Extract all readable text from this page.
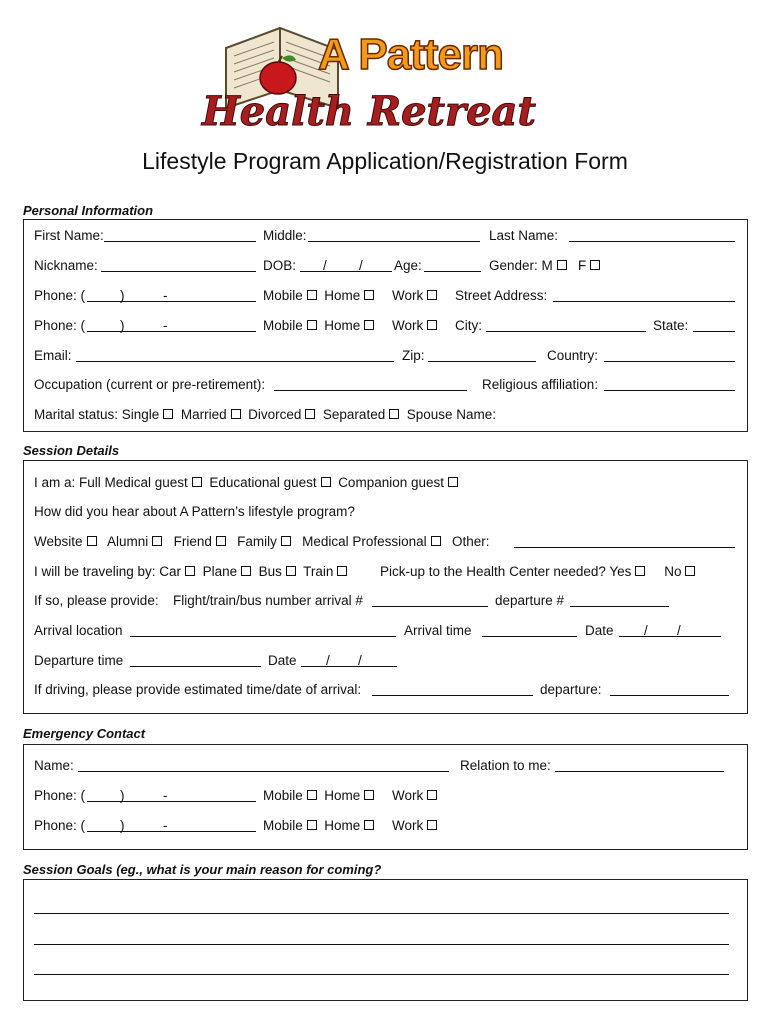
A Pattern
Health Retreat
Lifestyle Program Application/Registration Form
Personal Information
First Name:	Middle:	Last Name:
Nickname:	DOB: / / Age:	Gender: M F
Phone: (	)	-	Mobile Home	Work	Street Address:
Phone: (	)	-	Mobile Home	Work	City:	State:
Email:	Zip:	Country:
Occupation (current or pre-retirement):	Religious affiliation:
Marital status: Single Married Divorced Separated Spouse Name:
Session Details
I am a: Full Medical guest Educational guest Companion guest
How did you hear about A Pattern’s lifestyle program?
Website Alumni Friend Family Medical Professional Other:
I will be traveling by: Car Plane Bus Train	Pick-up to the Health Center needed? Yes No
If so, please provide: Flight/train/bus number arrival #	departure #
Arrival location	Arrival time	Date / /
Departure time	Date / /
If driving, please provide estimated time/date of arrival:	departure:
Emergency Contact
Name:	Relation to me:
Phone: (	)	-	Mobile Home	Work
Phone: (	)	-	Mobile Home	Work
Session Goals (eg., what is your main reason for coming?
